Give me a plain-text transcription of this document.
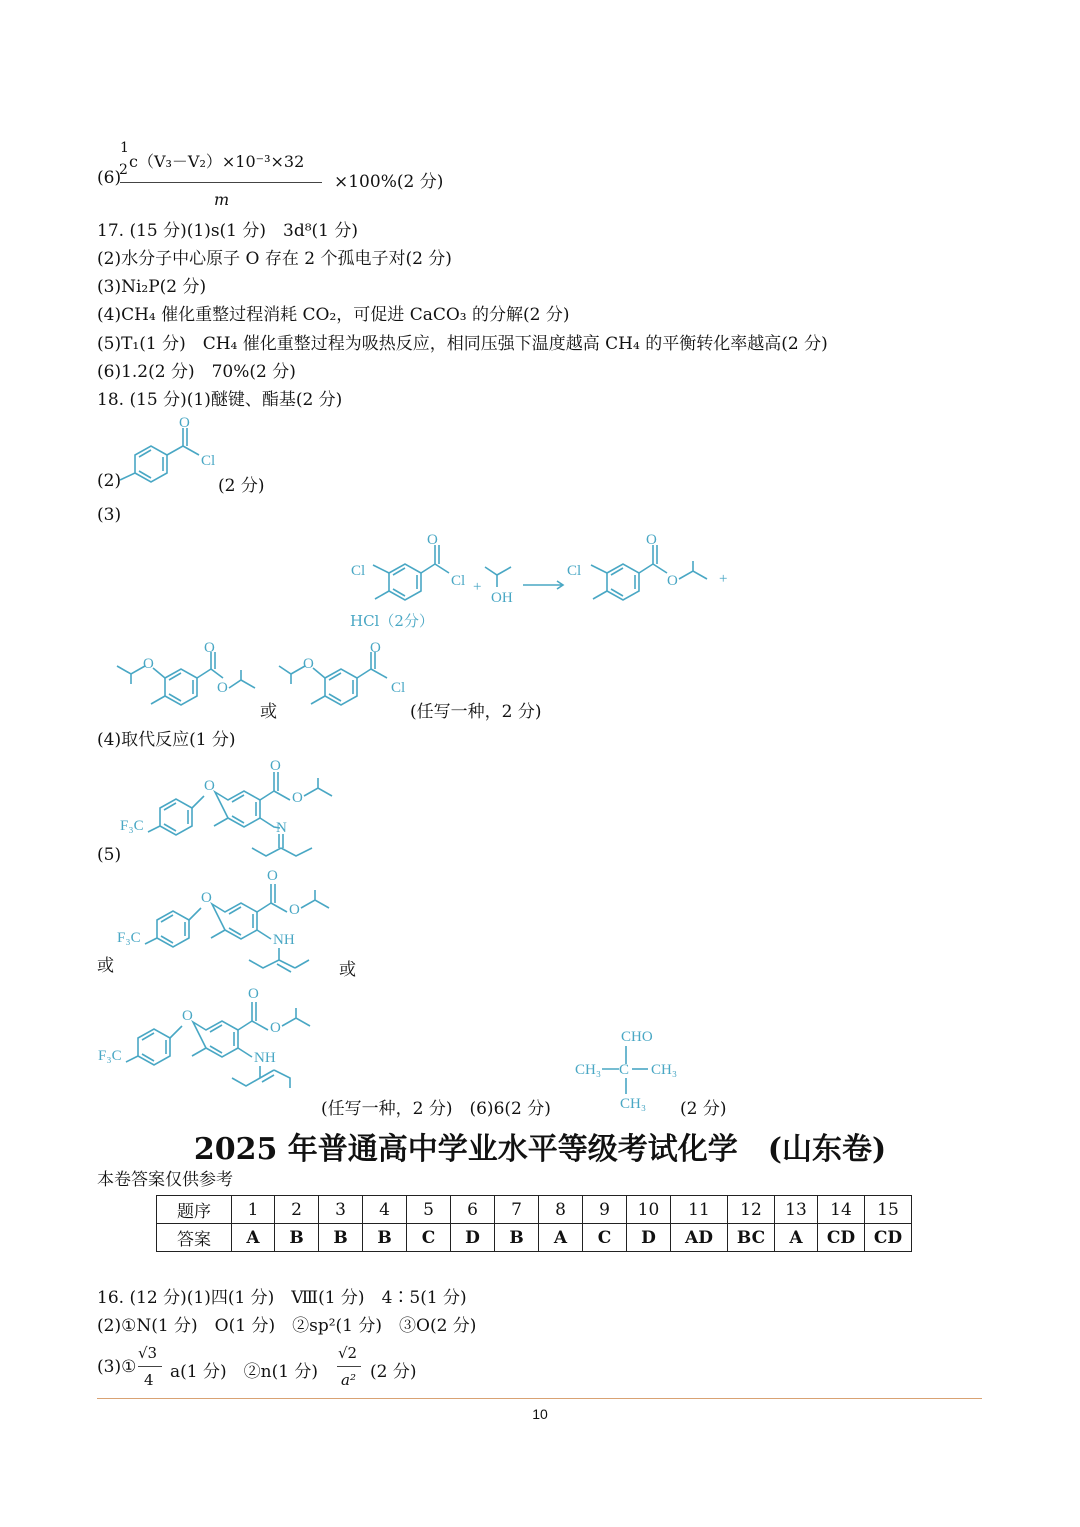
(6)
1
2 c（V₃－V₂）×10⁻³×32
m
×100%(2 分)
17. (15 分)(1)s(1 分)　3d⁸(1 分)
(2)水分子中心原子 O 存在 2 个孤电子对(2 分)
(3)Ni₂P(2 分)
(4)CH₄ 催化重整过程消耗 CO₂，可促进 CaCO₃ 的分解(2 分)
(5)T₁(1 分)　CH₄ 催化重整过程为吸热反应，相同压强下温度越高 CH₄ 的平衡转化率越高(2 分)
(6)1.2(2 分)　70%(2 分)
18. (15 分)(1)醚键、酯基(2 分)
(2)
O
Cl
(2 分)
(3)
Cl
O
Cl +
OH
Cl
O
O	+
HCl（2分）
O
O
O
或
O
O
Cl
(任写一种，2 分)
(4)取代反应(1 分)
F₃C
O
O
O
N
(5)
F₃C
O
O
O
NH
或	或
F₃C
O
O
O
NH
CHO
CH₃ C CH₃
CH₃
(任写一种，2 分)　(6)6(2 分)	(2 分)
2025 年普通高中学业水平等级考试化学　(山东卷)
本卷答案仅供参考
题序	1	2	3	4	5	6	7	8	9	10	11	12	13	14	15
答案	A	B	B	B	C	D	B	A	C	D	AD	BC	A	CD	CD
16. (12 分)(1)四(1 分)　Ⅷ(1 分)　4∶5(1 分)
(2)①N(1 分)　O(1 分)　②sp²(1 分)　③O(2 分)
(3)①
√3
4 a(1 分)　②n(1 分)
√2
a² (2 分)
10
